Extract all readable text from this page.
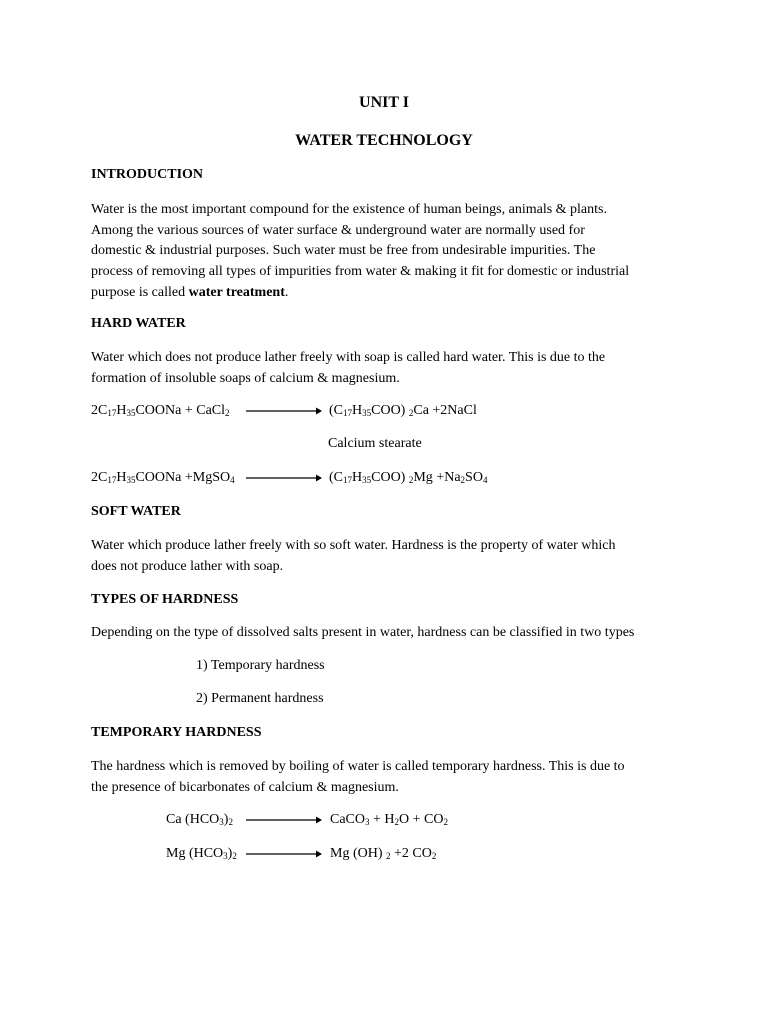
UNIT I
WATER TECHNOLOGY
INTRODUCTION
Water is the most important compound for the existence of human beings, animals & plants.
Among the various sources of water surface & underground water are normally used for
domestic & industrial purposes. Such water must be free from undesirable impurities. The
process of removing all types of impurities from water & making it fit for domestic or industrial
purpose is called water treatment.
HARD WATER
Water which does not produce lather freely with soap is called hard water. This is due to the
formation of insoluble soaps of calcium & magnesium.
$2C_{17}H_{35}COONa$ + CaCl$_2$	$(C_{17}H_{35}COO)$ $_2$Ca +2NaCl
Calcium stearate
$2C_{17}H_{35}COONa$ +MgSO$_4$	$(C_{17}H_{35}COO)$ $_2Mg +Na_2SO_4$
SOFT WATER
Water which produce lather freely with so soft water. Hardness is the property of water which
does not produce lather with soap.
TYPES OF HARDNESS
Depending on the type of dissolved salts present in water, hardness can be classified in two types
1) Temporary hardness
2) Permanent hardness
TEMPORARY HARDNESS
The hardness which is removed by boiling of water is called temporary hardness. This is due to
the presence of bicarbonates of calcium & magnesium.
Ca $(HCO_3)_2$	CaCO$_3$ + $H_2O + CO_2$
Mg $(HCO_3)_2$	Mg (OH) $_2$ +2 $CO_2$
